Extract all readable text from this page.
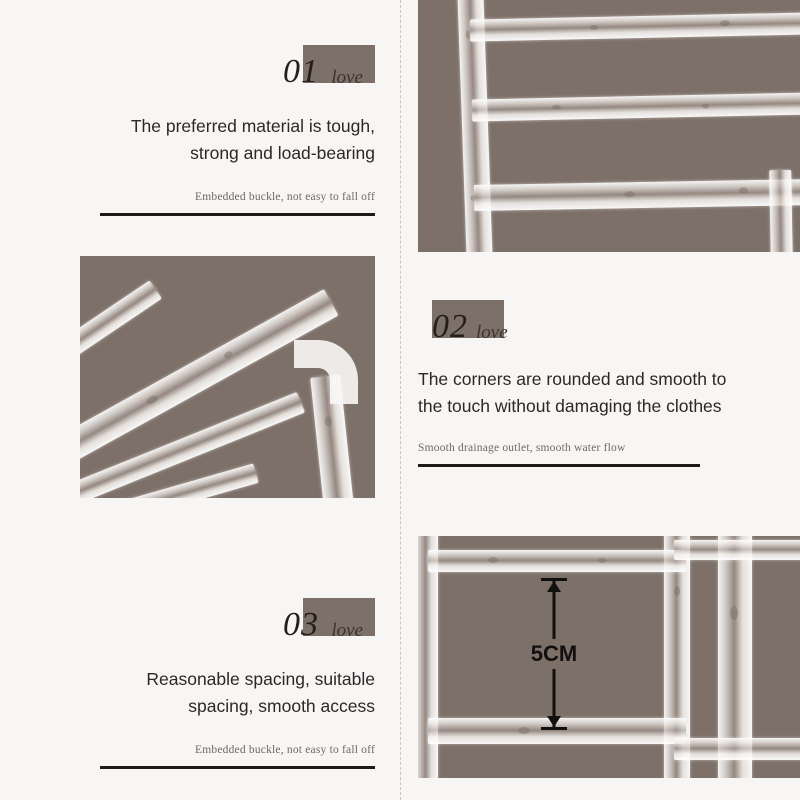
01 love
The preferred material is tough, strong and load-bearing
Embedded buckle, not easy to fall off
02 love
The corners are rounded and smooth to the touch without damaging the clothes
Smooth drainage outlet, smooth water flow
5CM
03 love
Reasonable spacing, suitable spacing, smooth access
Embedded buckle, not easy to fall off
